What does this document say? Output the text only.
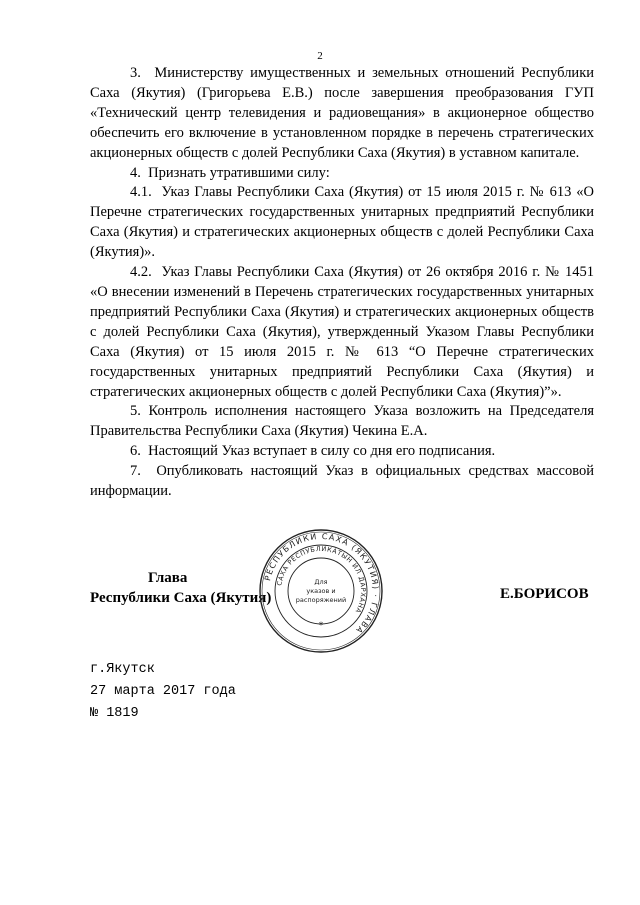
2

3.  Министерству имущественных и земельных отношений Республики Саха (Якутия) (Григорьева Е.В.) после завершения преобразования ГУП «Технический центр телевидения и радиовещания» в акционерное общество обеспечить его включение в установленном порядке в перечень стратегических акционерных обществ с долей Республики Саха (Якутия) в уставном капитале.

4.  Признать утратившими силу:

4.1.  Указ Главы Республики Саха (Якутия) от 15 июля 2015 г. № 613 «О Перечне стратегических государственных унитарных предприятий Республики Саха (Якутия) и стратегических акционерных обществ с долей Республики Саха (Якутия)».

4.2.  Указ Главы Республики Саха (Якутия) от 26 октября 2016 г. № 1451 «О внесении изменений в Перечень стратегических государственных унитарных предприятий Республики Саха (Якутия) и стратегических акционерных обществ с долей Республики Саха (Якутия), утвержденный Указом Главы Республики Саха (Якутия) от 15 июля 2015 г. № 613 “О Перечне стратегических государственных унитарных предприятий Республики Саха (Якутия) и стратегических акционерных обществ с долей Республики Саха (Якутия)”».

5. Контроль исполнения настоящего Указа возложить на Председателя Правительства Республики Саха (Якутия) Чекина Е.А.

6.  Настоящий Указ вступает в силу со дня его подписания.

7.  Опубликовать настоящий Указ в официальных средствах массовой информации.

Глава
Республики Саха (Якутия)
РЕСПУБЛИКИ САХА (ЯКУТИЯ) · ГЛАВА
САХА РЕСПУБЛИКАТЫН ИЛ ДАРХАНА
Для
указов и
распоряжений
*
Е.БОРИСОВ
г.Якутск
27 марта 2017 года
№ 1819
